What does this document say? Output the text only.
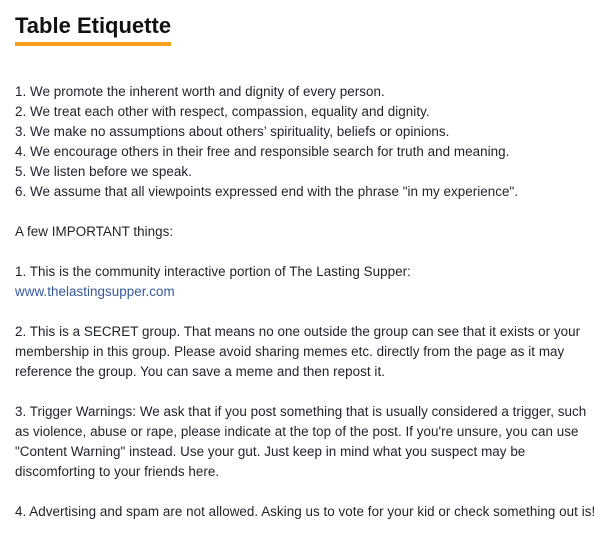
Table Etiquette
1. We promote the inherent worth and dignity of every person.
2. We treat each other with respect, compassion, equality and dignity.
3. We make no assumptions about others’ spirituality, beliefs or opinions.
4. We encourage others in their free and responsible search for truth and meaning.
5. We listen before we speak.
6. We assume that all viewpoints expressed end with the phrase "in my experience".
A few IMPORTANT things:
1. This is the community interactive portion of The Lasting Supper:
www.thelastingsupper.com
2. This is a SECRET group. That means no one outside the group can see that it exists or your membership in this group. Please avoid sharing memes etc. directly from the page as it may reference the group. You can save a meme and then repost it.
3. Trigger Warnings: We ask that if you post something that is usually considered a trigger, such as violence, abuse or rape, please indicate at the top of the post. If you're unsure, you can use "Content Warning" instead. Use your gut. Just keep in mind what you suspect may be discomforting to your friends here.
4. Advertising and spam are not allowed. Asking us to vote for your kid or check something out is!
